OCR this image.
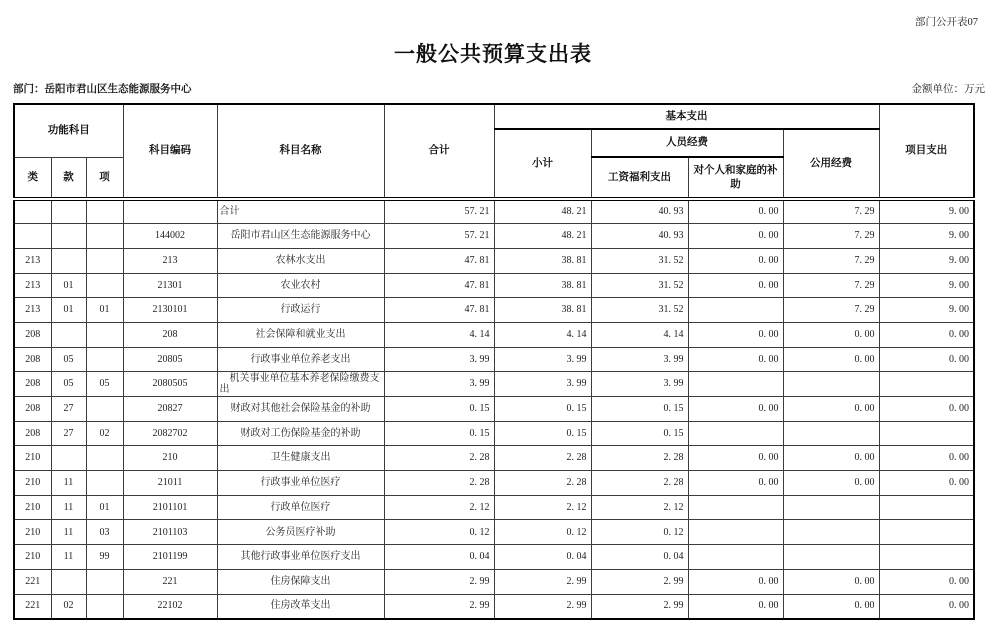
部门公开表07
一般公共预算支出表
部门：岳阳市君山区生态能源服务中心	金额单位：万元
功能科目			科目编码	科目名称	合计	基本支出				项目支出
						小计	人员经费		公用经费	
类	款	项					工资福利支出	对个人和家庭的补助		
				合计	57. 21	48. 21	40. 93	0. 00	7. 29	9. 00
			144002	岳阳市君山区生态能源服务中心	57. 21	48. 21	40. 93	0. 00	7. 29	9. 00
213			213	农林水支出	47. 81	38. 81	31. 52	0. 00	7. 29	9. 00
213	01		21301	农业农村	47. 81	38. 81	31. 52	0. 00	7. 29	9. 00
213	01	01	2130101	行政运行	47. 81	38. 81	31. 52		7. 29	9. 00
208			208	社会保障和就业支出	4. 14	4. 14	4. 14	0. 00	0. 00	0. 00
208	05		20805	行政事业单位养老支出	3. 99	3. 99	3. 99	0. 00	0. 00	0. 00
208	05	05	2080505	机关事业单位基本养老保险缴费支出	3. 99	3. 99	3. 99			
208	27		20827	财政对其他社会保险基金的补助	0. 15	0. 15	0. 15	0. 00	0. 00	0. 00
208	27	02	2082702	财政对工伤保险基金的补助	0. 15	0. 15	0. 15			
210			210	卫生健康支出	2. 28	2. 28	2. 28	0. 00	0. 00	0. 00
210	11		21011	行政事业单位医疗	2. 28	2. 28	2. 28	0. 00	0. 00	0. 00
210	11	01	2101101	行政单位医疗	2. 12	2. 12	2. 12			
210	11	03	2101103	公务员医疗补助	0. 12	0. 12	0. 12			
210	11	99	2101199	其他行政事业单位医疗支出	0. 04	0. 04	0. 04			
221			221	住房保障支出	2. 99	2. 99	2. 99	0. 00	0. 00	0. 00
221	02		22102	住房改革支出	2. 99	2. 99	2. 99	0. 00	0. 00	0. 00
